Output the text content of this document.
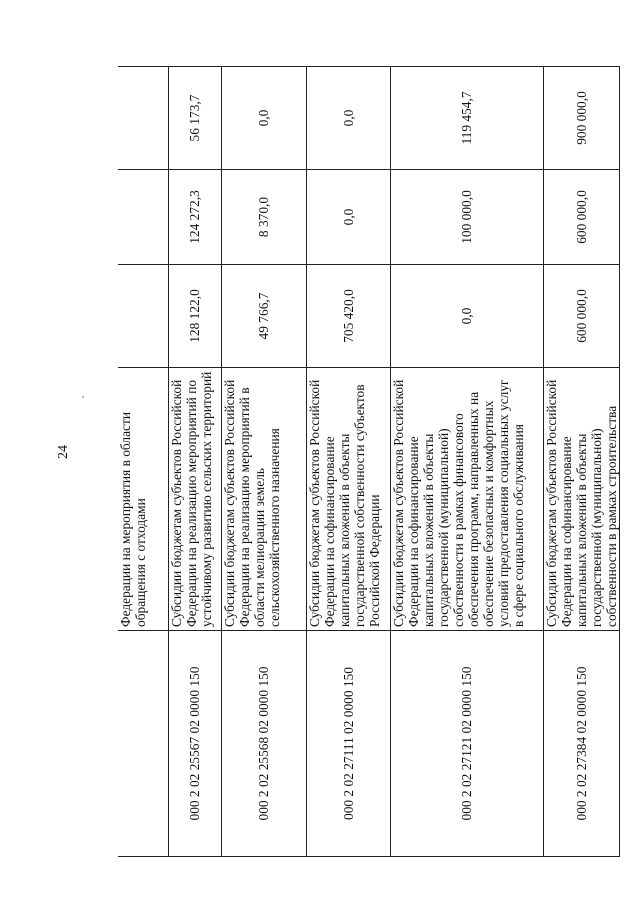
24
		Федерации на мероприятия в области обращения с отходами			
000 2 02 25567 02 0000 150	Субсидии бюджетам субъектов Российской Федерации на реализацию мероприятий по устойчивому развитию сельских территорий	128 122,0	124 272,3	56 173,7
000 2 02 25568 02 0000 150	Субсидии бюджетам субъектов Российской Федерации на реализацию мероприятий в области мелиорации земель сельскохозяйственного назначения	49 766,7	8 370,0	0,0
000 2 02 27111 02 0000 150	Субсидии бюджетам субъектов Российской Федерации на софинансирование капитальных вложений в объекты государственной собственности субъектов Российской Федерации	705 420,0	0,0	0,0
000 2 02 27121 02 0000 150	Субсидии бюджетам субъектов Российской Федерации на софинансирование капитальных вложений в объекты государственной (муниципальной) собственности в рамках финансового обеспечения программ, направленных на обеспечение безопасных и комфортных условий предоставления социальных услуг в сфере социального обслуживания	0,0	100 000,0	119 454,7
000 2 02 27384 02 0000 150	Субсидии бюджетам субъектов Российской Федерации на софинансирование капитальных вложений в объекты государственной (муниципальной) собственности в рамках строительства	600 000,0	600 000,0	900 000,0
